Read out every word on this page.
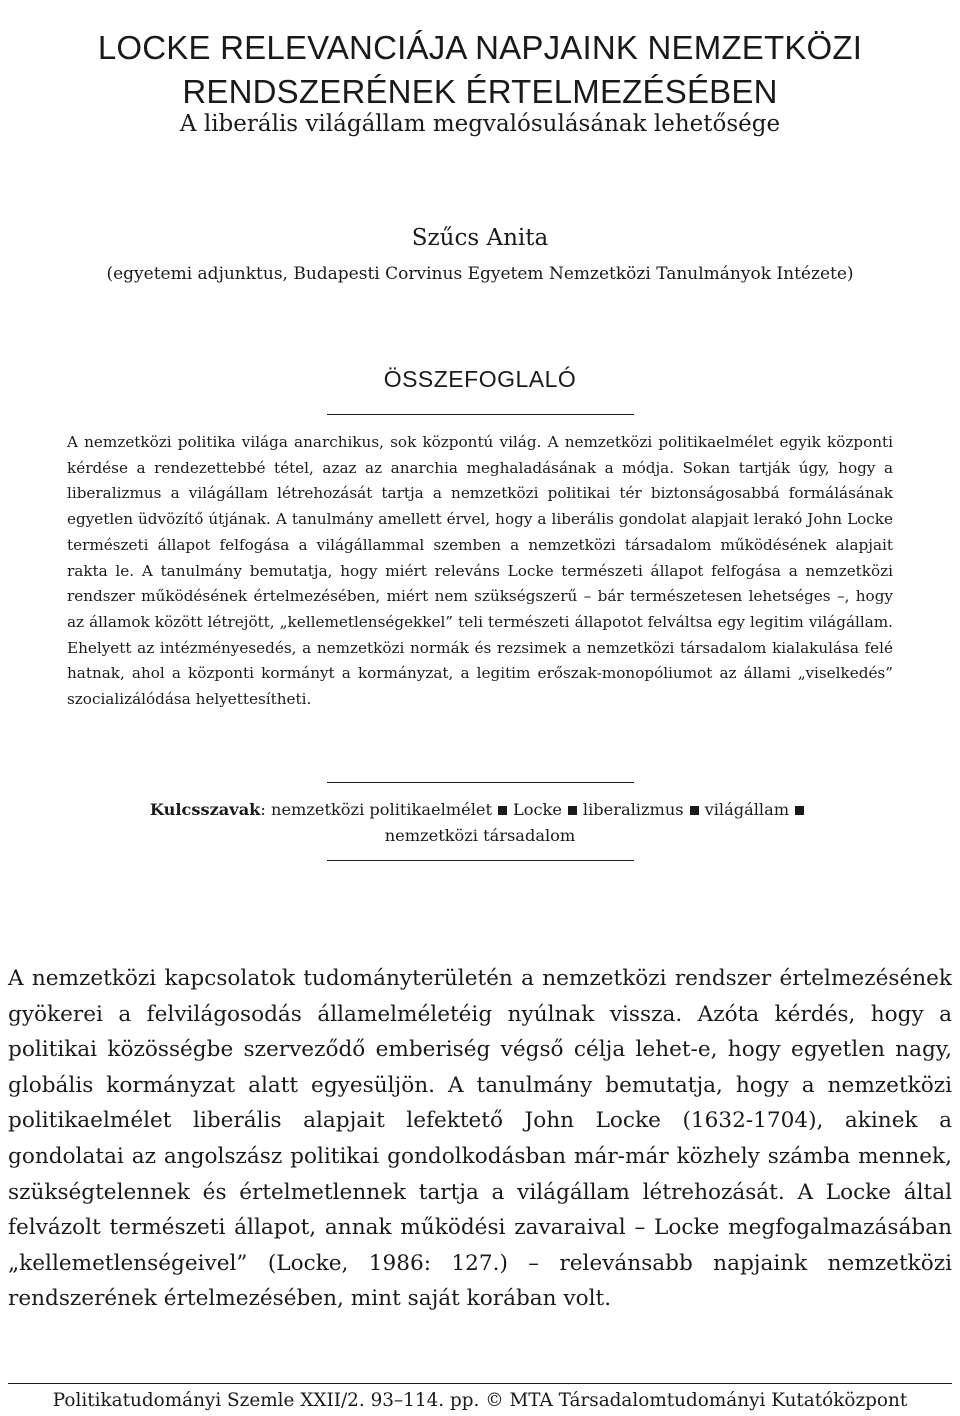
LOCKE RELEVANCIÁJA NAPJAINK NEMZETKÖZI
RENDSZERÉNEK ÉRTELMEZÉSÉBEN
A liberális világállam megvalósulásának lehetősége
Szűcs Anita
(egyetemi adjunktus, Budapesti Corvinus Egyetem Nemzetközi Tanulmányok Intézete)
ÖSSZEFOGLALÓ

A nemzetközi politika világa anarchikus, sok központú világ. A nemzetközi politikaelmélet egyik központi kérdése a rendezettebbé tétel, azaz az anarchia meghaladásának a módja. Sokan tartják úgy, hogy a liberalizmus a világállam létrehozását tartja a nemzetközi politikai tér biztonságosabbá formálásának egyetlen üdvözítő útjának. A tanulmány amellett érvel, hogy a liberális gondolat alapjait lerakó John Locke természeti állapot felfogása a világállammal szemben a nemzetközi társadalom működésének alapjait rakta le. A tanulmány bemutatja, hogy miért releváns Locke természeti állapot felfogása a nemzetközi rendszer működésének értelmezésében, miért nem szükségszerű – bár természetesen lehetséges –, hogy az államok között létrejött, „kellemetlenségekkel” teli természeti állapotot felváltsa egy legitim világállam. Ehelyett az intézményesedés, a nemzetközi normák és rezsimek a nemzetközi társadalom kialakulása felé hatnak, ahol a központi kormányt a kormányzat, a legitim erőszak-monopóliumot az állami „viselkedés” szocializálódása helyettesítheti.

Kulcsszavak: nemzetközi politikaelmélet Locke liberalizmus világállam
nemzetközi társadalom

A nemzetközi kapcsolatok tudományterületén a nemzetközi rendszer értelmezésének gyökerei a felvilágosodás államelméletéig nyúlnak vissza. Azóta kérdés, hogy a politikai közösségbe szerveződő emberiség végső célja lehet-e, hogy egyetlen nagy, globális kormányzat alatt egyesüljön. A tanulmány bemutatja, hogy a nemzetközi politikaelmélet liberális alapjait lefektető John Locke (1632-1704), akinek a gondolatai az angolszász politikai gondolkodásban már-már közhely számba mennek, szükségtelennek és értelmetlennek tartja a világállam létrehozását. A Locke által felvázolt természeti állapot, annak működési zavaraival – Locke megfogalmazásában „kellemetlenségeivel” (Locke, 1986: 127.) – relevánsabb napjaink nemzetközi rendszerének értelmezésében, mint saját korában volt.

Politikatudományi Szemle XXII/2. 93–114. pp. © MTA Társadalomtudományi Kutatóközpont
